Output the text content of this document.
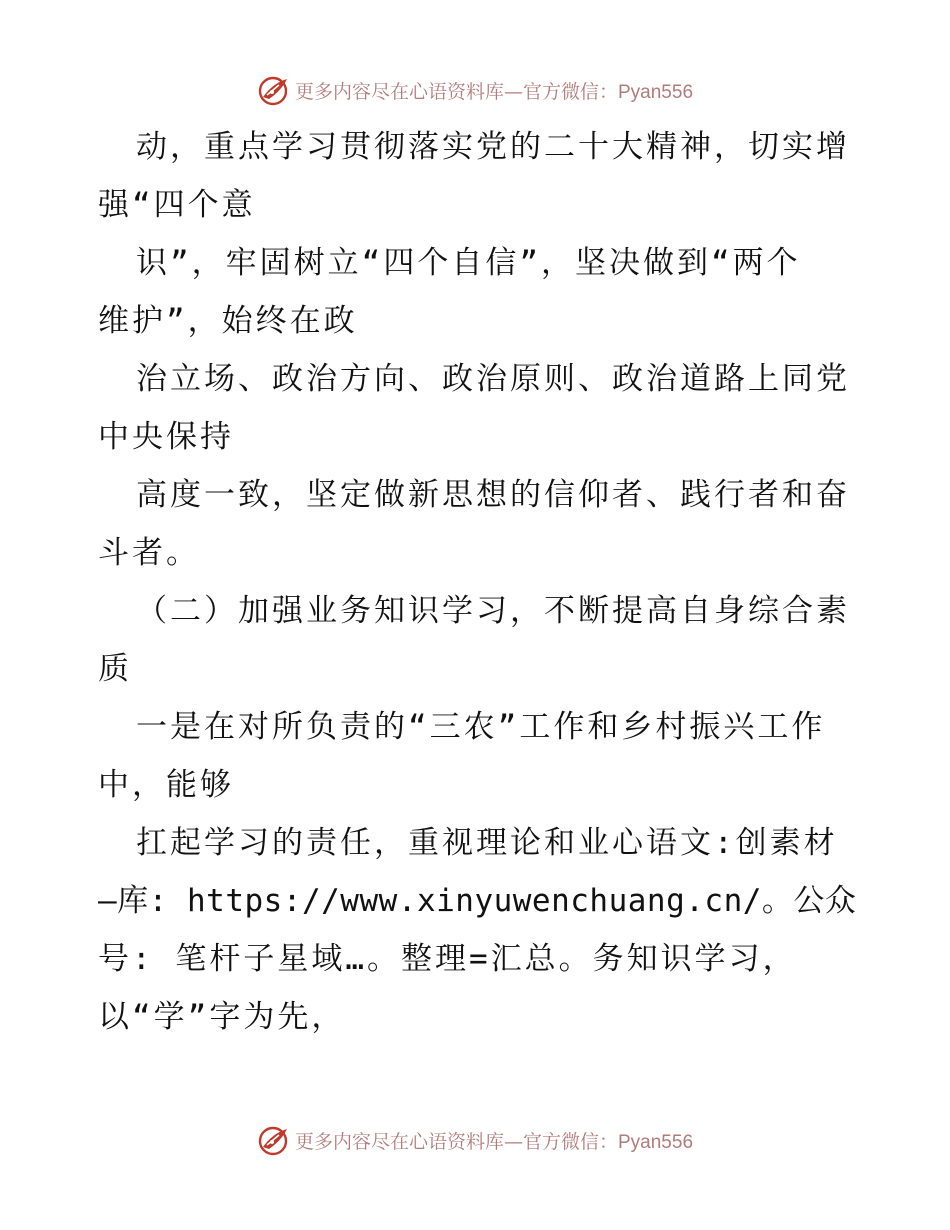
更多内容尽在心语资料库—官方微信：Pyan556
动，重点学习贯彻落实党的二十大精神，切实增
强“四个意
识”，牢固树立“四个自信”，坚决做到“两个
维护”，始终在政
治立场、政治方向、政治原则、政治道路上同党
中央保持
高度一致，坚定做新思想的信仰者、践行者和奋
斗者。
（二）加强业务知识学习，不断提高自身综合素
质
一是在对所负责的“三农”工作和乡村振兴工作
中，能够
扛起学习的责任，重视理论和业心语文:创素材
—库: https://www.xinyuwenchuang.cn/。公众
号: 笔杆子星域…。整理=汇总。务知识学习，
以“学”字为先，
更多内容尽在心语资料库—官方微信：Pyan556
